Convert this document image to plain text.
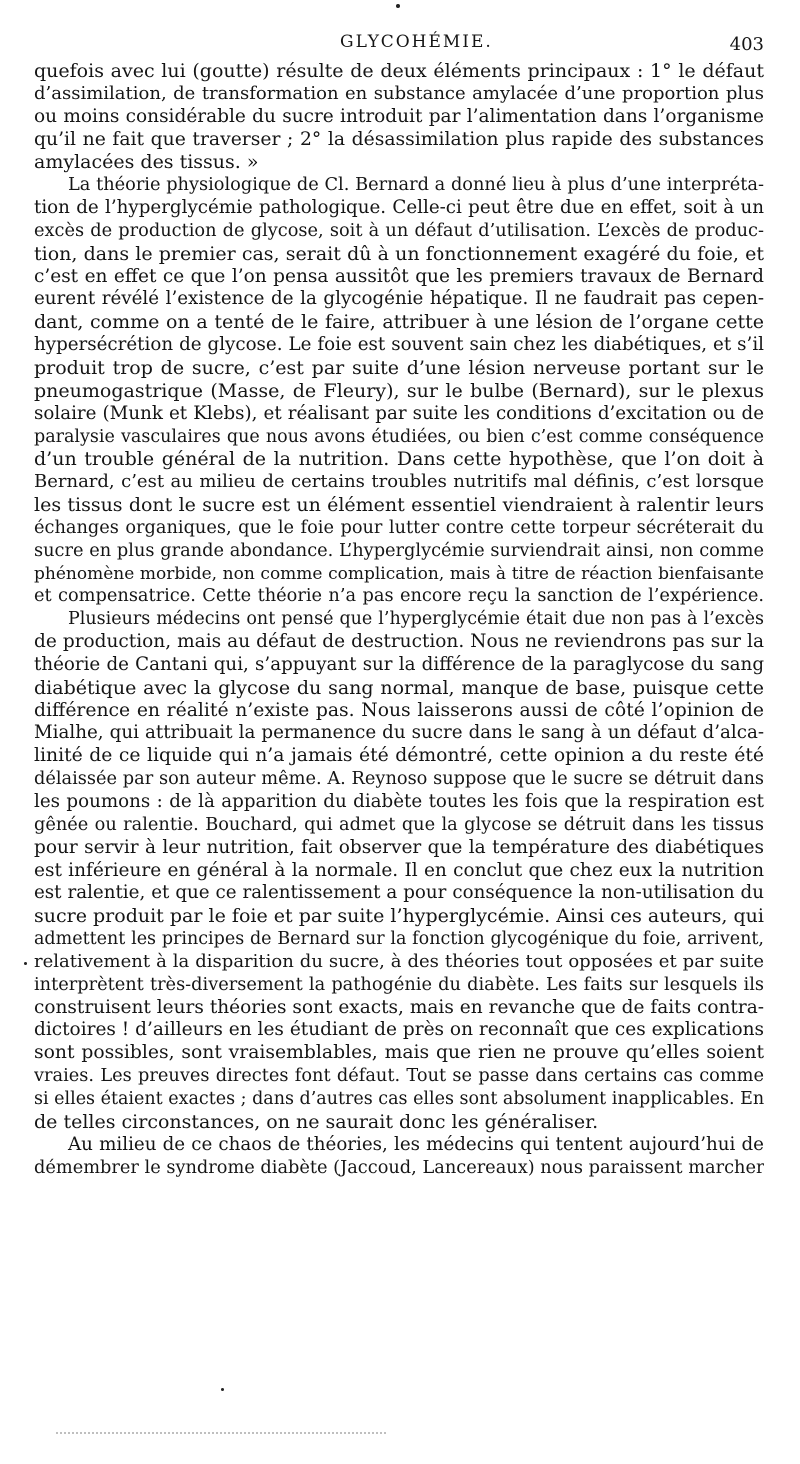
GLYCOHÉMIE.	403
quefois avec lui (goutte) résulte de deux éléments principaux : 1° le défaut
d’assimilation, de transformation en substance amylacée d’une proportion plus
ou moins considérable du sucre introduit par l’alimentation dans l’organisme
qu’il ne fait que traverser ; 2° la désassimilation plus rapide des substances
amylacées des tissus. »
La théorie physiologique de Cl. Bernard a donné lieu à plus d’une interpréta-
tion de l’hyperglycémie pathologique. Celle-ci peut être due en effet, soit à un
excès de production de glycose, soit à un défaut d’utilisation. L’excès de produc-
tion, dans le premier cas, serait dû à un fonctionnement exagéré du foie, et
c’est en effet ce que l’on pensa aussitôt que les premiers travaux de Bernard
eurent révélé l’existence de la glycogénie hépatique. Il ne faudrait pas cepen-
dant, comme on a tenté de le faire, attribuer à une lésion de l’organe cette
hypersécrétion de glycose. Le foie est souvent sain chez les diabétiques, et s’il
produit trop de sucre, c’est par suite d’une lésion nerveuse portant sur le
pneumogastrique (Masse, de Fleury), sur le bulbe (Bernard), sur le plexus
solaire (Munk et Klebs), et réalisant par suite les conditions d’excitation ou de
paralysie vasculaires que nous avons étudiées, ou bien c’est comme conséquence
d’un trouble général de la nutrition. Dans cette hypothèse, que l’on doit à
Bernard, c’est au milieu de certains troubles nutritifs mal définis, c’est lorsque
les tissus dont le sucre est un élément essentiel viendraient à ralentir leurs
échanges organiques, que le foie pour lutter contre cette torpeur sécréterait du
sucre en plus grande abondance. L’hyperglycémie surviendrait ainsi, non comme
phénomène morbide, non comme complication, mais à titre de réaction bienfaisante
et compensatrice. Cette théorie n’a pas encore reçu la sanction de l’expérience.
Plusieurs médecins ont pensé que l’hyperglycémie était due non pas à l’excès
de production, mais au défaut de destruction. Nous ne reviendrons pas sur la
théorie de Cantani qui, s’appuyant sur la différence de la paraglycose du sang
diabétique avec la glycose du sang normal, manque de base, puisque cette
différence en réalité n’existe pas. Nous laisserons aussi de côté l’opinion de
Mialhe, qui attribuait la permanence du sucre dans le sang à un défaut d’alca-
linité de ce liquide qui n’a jamais été démontré, cette opinion a du reste été
délaissée par son auteur même. A. Reynoso suppose que le sucre se détruit dans
les poumons : de là apparition du diabète toutes les fois que la respiration est
gênée ou ralentie. Bouchard, qui admet que la glycose se détruit dans les tissus
pour servir à leur nutrition, fait observer que la température des diabétiques
est inférieure en général à la normale. Il en conclut que chez eux la nutrition
est ralentie, et que ce ralentissement a pour conséquence la non-utilisation du
sucre produit par le foie et par suite l’hyperglycémie. Ainsi ces auteurs, qui
admettent les principes de Bernard sur la fonction glycogénique du foie, arrivent,
relativement à la disparition du sucre, à des théories tout opposées et par suite
interprètent très-diversement la pathogénie du diabète. Les faits sur lesquels ils
construisent leurs théories sont exacts, mais en revanche que de faits contra-
dictoires ! d’ailleurs en les étudiant de près on reconnaît que ces explications
sont possibles, sont vraisemblables, mais que rien ne prouve qu’elles soient
vraies. Les preuves directes font défaut. Tout se passe dans certains cas comme
si elles étaient exactes ; dans d’autres cas elles sont absolument inapplicables. En
de telles circonstances, on ne saurait donc les généraliser.
Au milieu de ce chaos de théories, les médecins qui tentent aujourd’hui de
démembrer le syndrome diabète (Jaccoud, Lancereaux) nous paraissent marcher
